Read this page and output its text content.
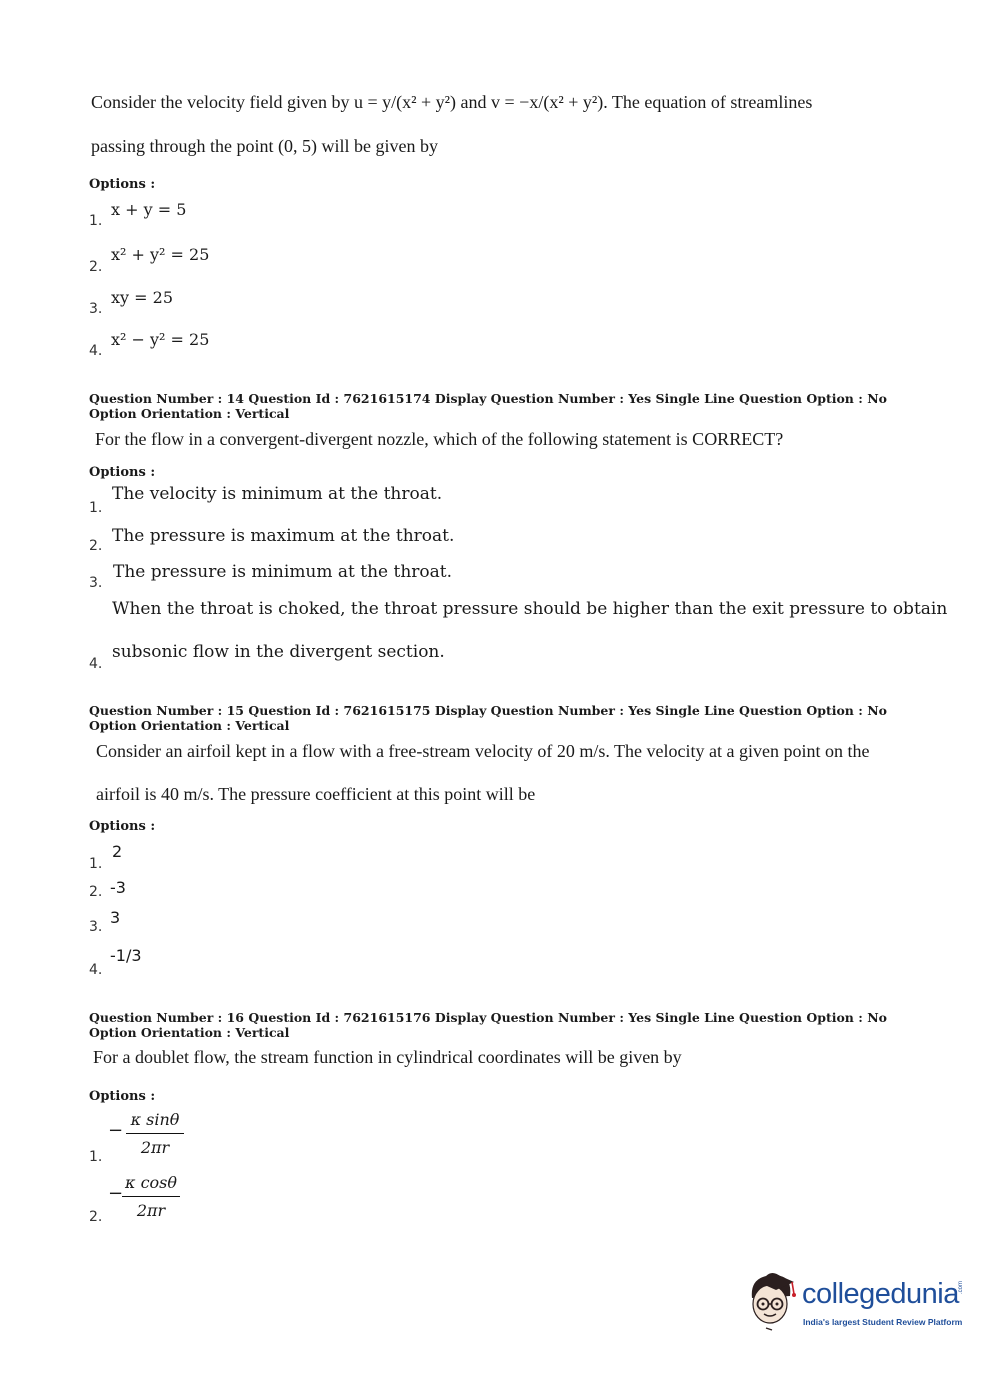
Consider the velocity field given by u = y/(x² + y²) and v = −x/(x² + y²). The equation of streamlines
passing through the point (0, 5) will be given by
Options :
1.
x + y = 5
2.
x² + y² = 25
3.
xy = 25
4.
x² − y² = 25
Question Number : 14 Question Id : 7621615174 Display Question Number : Yes Single Line Question Option : No Option Orientation : Vertical
For the flow in a convergent-divergent nozzle, which of the following statement is CORRECT?
Options :
1.
The velocity is minimum at the throat.
2. The pressure is maximum at the throat.
3.
The pressure is minimum at the throat.
When the throat is choked, the throat pressure should be higher than the exit pressure to obtain
4.
subsonic flow in the divergent section.
Question Number : 15 Question Id : 7621615175 Display Question Number : Yes Single Line Question Option : No Option Orientation : Vertical
Consider an airfoil kept in a flow with a free-stream velocity of 20 m/s. The velocity at a given point on the
airfoil is 40 m/s. The pressure coefficient at this point will be
Options :
1.
2
2. -3
3. 3
4.
-1/3
Question Number : 16 Question Id : 7621615176 Display Question Number : Yes Single Line Question Option : No Option Orientation : Vertical
For a doublet flow, the stream function in cylindrical coordinates will be given by
Options :
1.
−
κ sinθ
2πr
2.
−
κ cosθ
2πr
collegedunia .com
India's largest Student Review Platform
